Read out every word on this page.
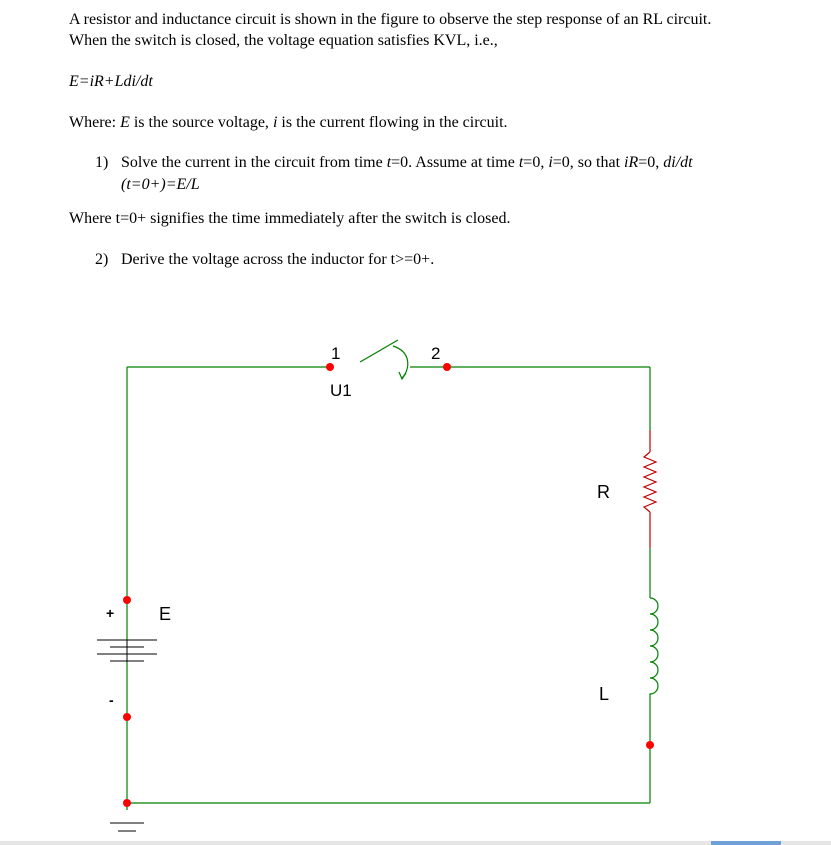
A resistor and inductance circuit is shown in the figure to observe the step response of an RL circuit.
When the switch is closed, the voltage equation satisfies KVL, i.e.,
E=iR+Ldi/dt
Where: E is the source voltage, i is the current flowing in the circuit.
1) Solve the current in the circuit from time t=0. Assume at time t=0, i=0, so that iR=0, di/dt
(t=0+)=E/L
Where t=0+ signifies the time immediately after the switch is closed.
2) Derive the voltage across the inductor for t>=0+.
1	2
U1
R
L
E
+
-
